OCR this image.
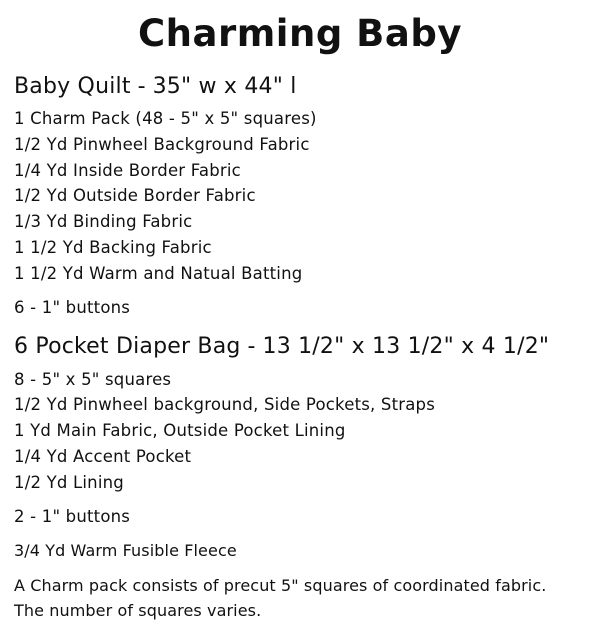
Charming Baby
Baby Quilt - 35" w x 44" l
1 Charm Pack (48 - 5" x 5" squares)
1/2 Yd Pinwheel Background Fabric
1/4 Yd Inside Border Fabric
1/2 Yd Outside Border Fabric
1/3 Yd Binding Fabric
1 1/2 Yd Backing Fabric
1 1/2 Yd Warm and Natual Batting
6 - 1" buttons
6 Pocket Diaper Bag - 13 1/2" x 13 1/2" x 4 1/2"
8 - 5" x 5" squares
1/2 Yd Pinwheel background, Side Pockets, Straps
1 Yd Main Fabric, Outside Pocket Lining
1/4 Yd Accent Pocket
1/2 Yd Lining
2 - 1" buttons
3/4 Yd Warm Fusible Fleece
A Charm pack consists of precut 5" squares of coordinated fabric.
The number of squares varies.
